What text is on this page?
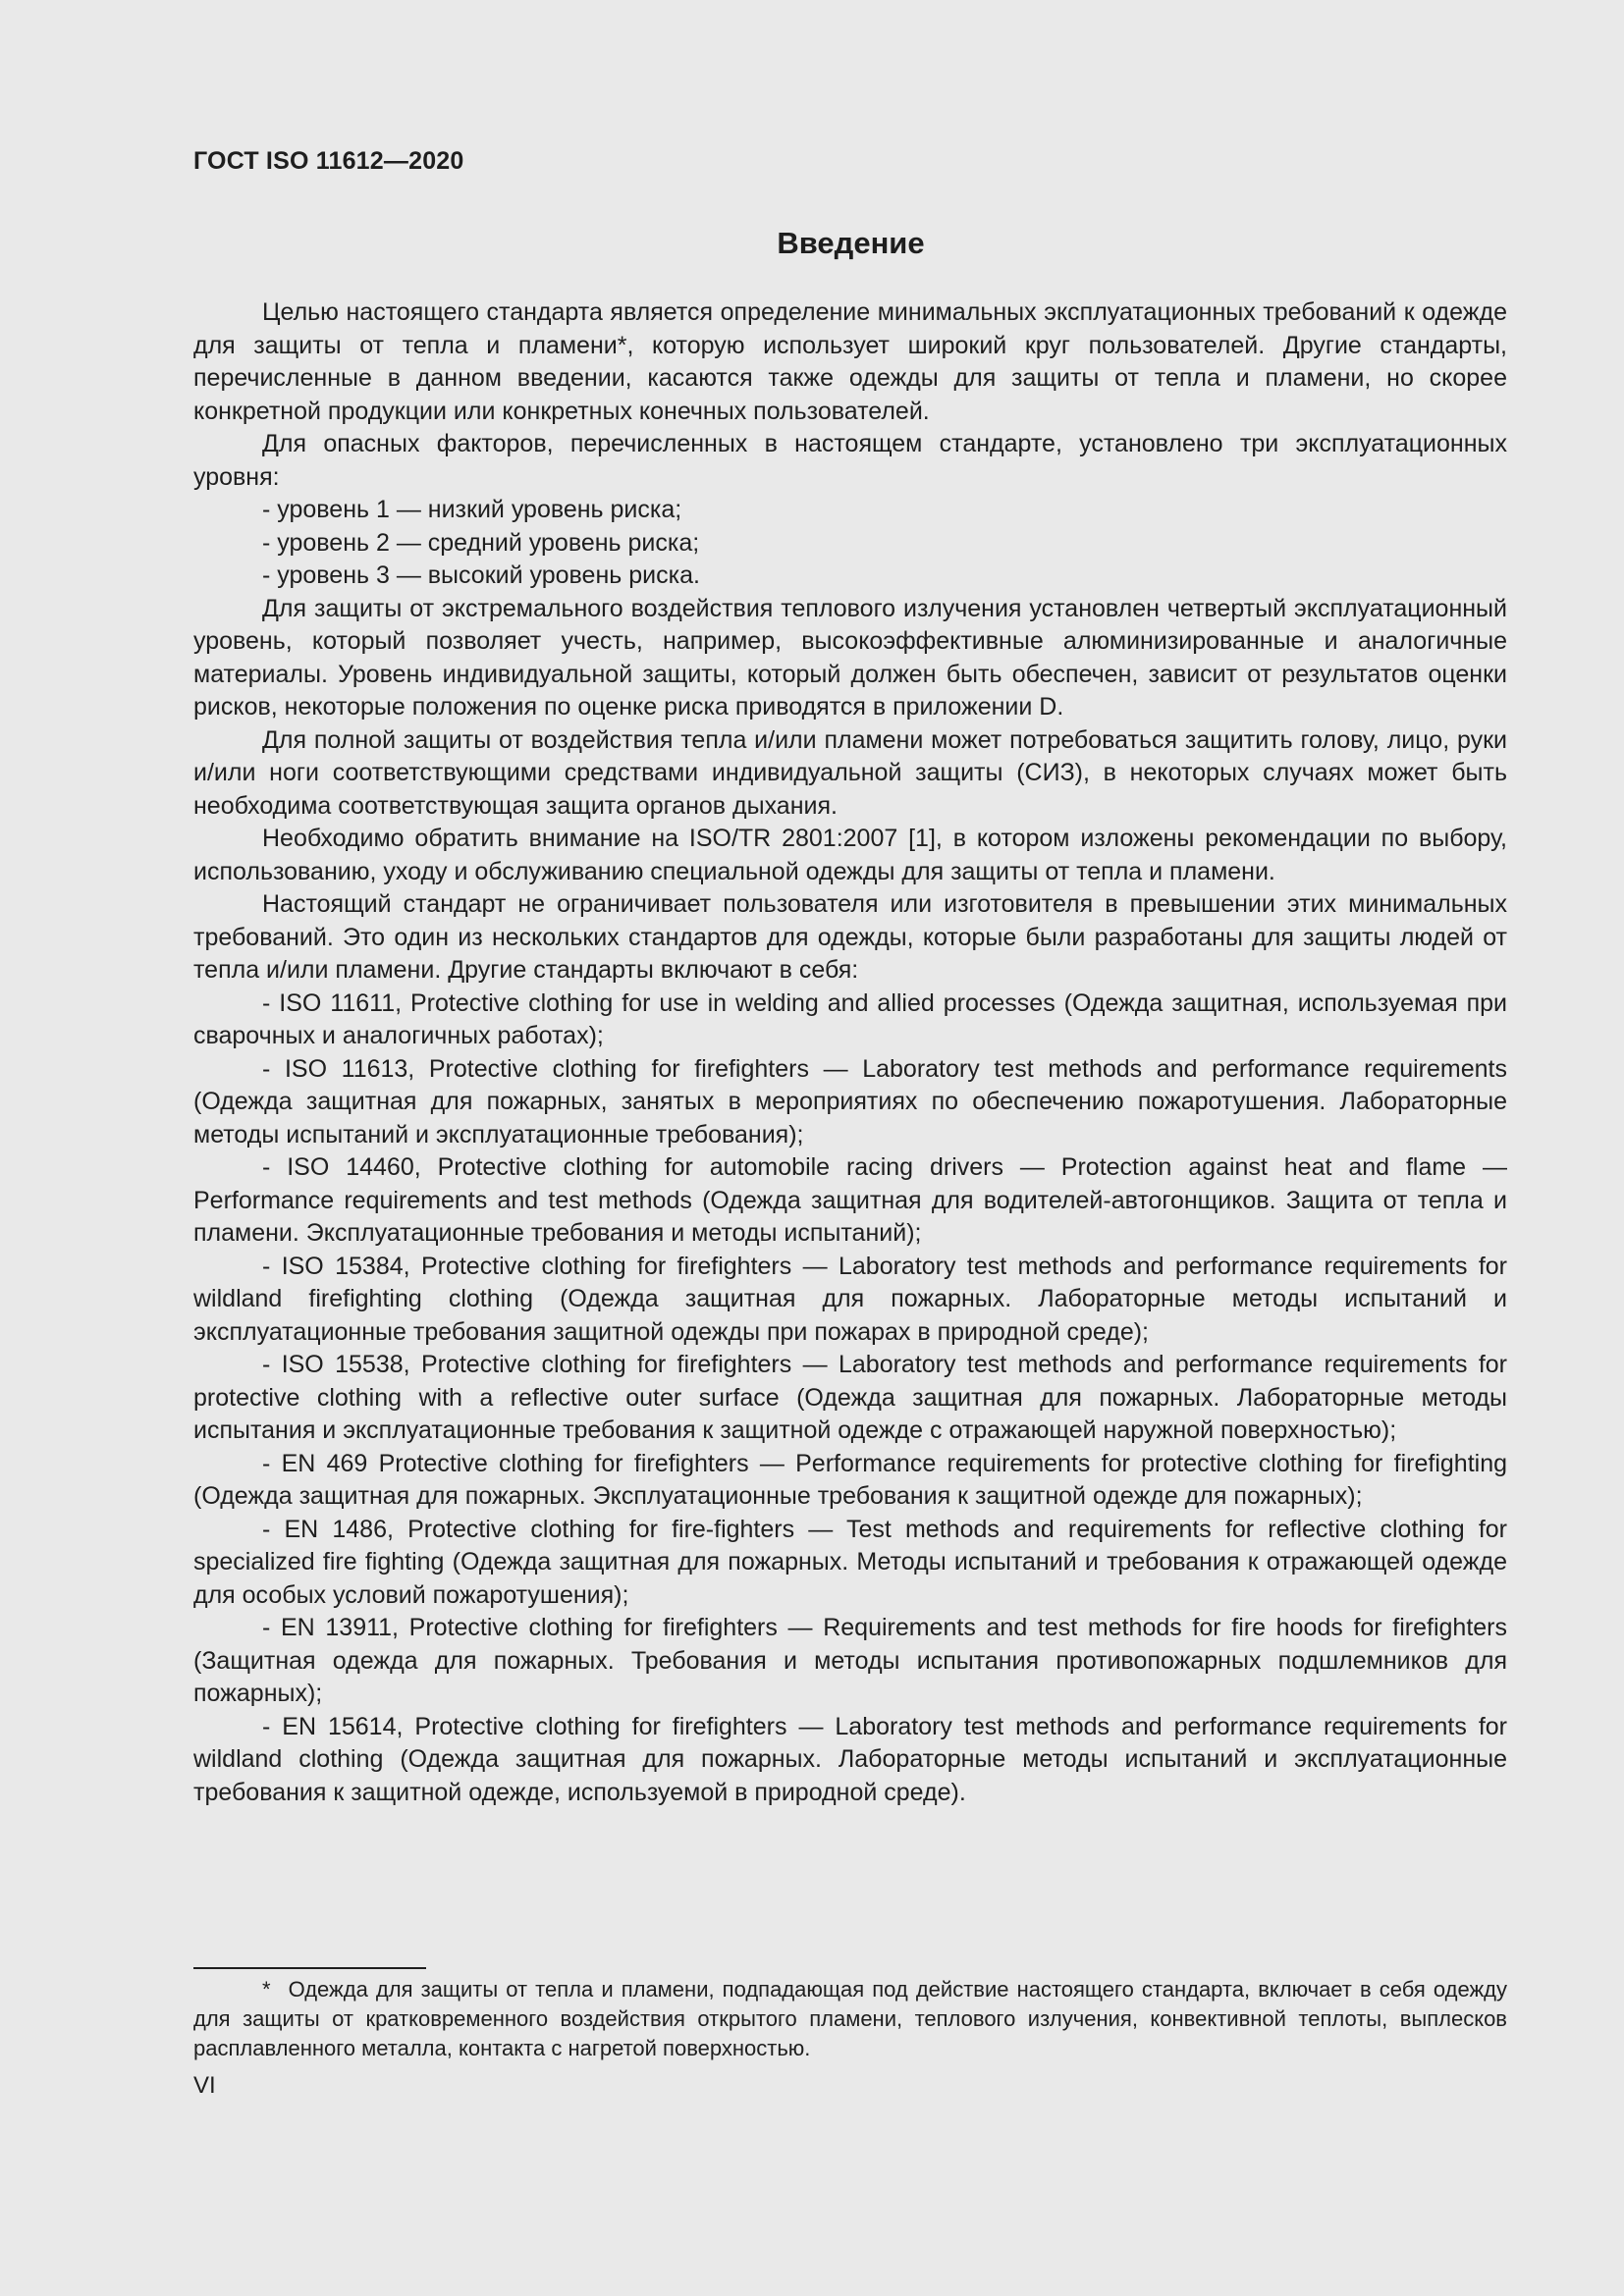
ГОСТ ISO 11612—2020
Введение

Целью настоящего стандарта является определение минимальных эксплуатационных требований к одежде для защиты от тепла и пламени*, которую использует широкий круг пользователей. Другие стандарты, перечисленные в данном введении, касаются также одежды для защиты от тепла и пламени, но скорее конкретной продукции или конкретных конечных пользователей.

Для опасных факторов, перечисленных в настоящем стандарте, установлено три эксплуатационных уровня:

- уровень 1 — низкий уровень риска;

- уровень 2 — средний уровень риска;

- уровень 3 — высокий уровень риска.

Для защиты от экстремального воздействия теплового излучения установлен четвертый эксплуатационный уровень, который позволяет учесть, например, высокоэффективные алюминизированные и аналогичные материалы. Уровень индивидуальной защиты, который должен быть обеспечен, зависит от результатов оценки рисков, некоторые положения по оценке риска приводятся в приложении D.

Для полной защиты от воздействия тепла и/или пламени может потребоваться защитить голову, лицо, руки и/или ноги соответствующими средствами индивидуальной защиты (СИЗ), в некоторых случаях может быть необходима соответствующая защита органов дыхания.

Необходимо обратить внимание на ISO/TR 2801:2007 [1], в котором изложены рекомендации по выбору, использованию, уходу и обслуживанию специальной одежды для защиты от тепла и пламени.

Настоящий стандарт не ограничивает пользователя или изготовителя в превышении этих минимальных требований. Это один из нескольких стандартов для одежды, которые были разработаны для защиты людей от тепла и/или пламени. Другие стандарты включают в себя:

- ISO 11611, Protective clothing for use in welding and allied processes (Одежда защитная, используемая при сварочных и аналогичных работах);

- ISO 11613, Protective clothing for firefighters — Laboratory test methods and performance requirements (Одежда защитная для пожарных, занятых в мероприятиях по обеспечению пожаротушения. Лабораторные методы испытаний и эксплуатационные требования);

- ISO 14460, Protective clothing for automobile racing drivers — Protection against heat and flame — Performance requirements and test methods (Одежда защитная для водителей-автогонщиков. Защита от тепла и пламени. Эксплуатационные требования и методы испытаний);

- ISO 15384, Protective clothing for firefighters — Laboratory test methods and performance requirements for wildland firefighting clothing (Одежда защитная для пожарных. Лабораторные методы испытаний и эксплуатационные требования защитной одежды при пожарах в природной среде);

- ISO 15538, Protective clothing for firefighters — Laboratory test methods and performance requirements for protective clothing with a reflective outer surface (Одежда защитная для пожарных. Лабораторные методы испытания и эксплуатационные требования к защитной одежде с отражающей наружной поверхностью);

- EN 469 Protective clothing for firefighters — Performance requirements for protective clothing for firefighting (Одежда защитная для пожарных. Эксплуатационные требования к защитной одежде для пожарных);

- EN 1486, Protective clothing for fire-fighters — Test methods and requirements for reflective clothing for specialized fire fighting (Одежда защитная для пожарных. Методы испытаний и требования к отражающей одежде для особых условий пожаротушения);

- EN 13911, Protective clothing for firefighters — Requirements and test methods for fire hoods for firefighters (Защитная одежда для пожарных. Требования и методы испытания противопожарных подшлемников для пожарных);

- EN 15614, Protective clothing for firefighters — Laboratory test methods and performance requirements for wildland clothing (Одежда защитная для пожарных. Лабораторные методы испытаний и эксплуатационные требования к защитной одежде, используемой в природной среде).

* Одежда для защиты от тепла и пламени, подпадающая под действие настоящего стандарта, включает в себя одежду для защиты от кратковременного воздействия открытого пламени, теплового излучения, конвективной теплоты, выплесков расплавленного металла, контакта с нагретой поверхностью.

VI
